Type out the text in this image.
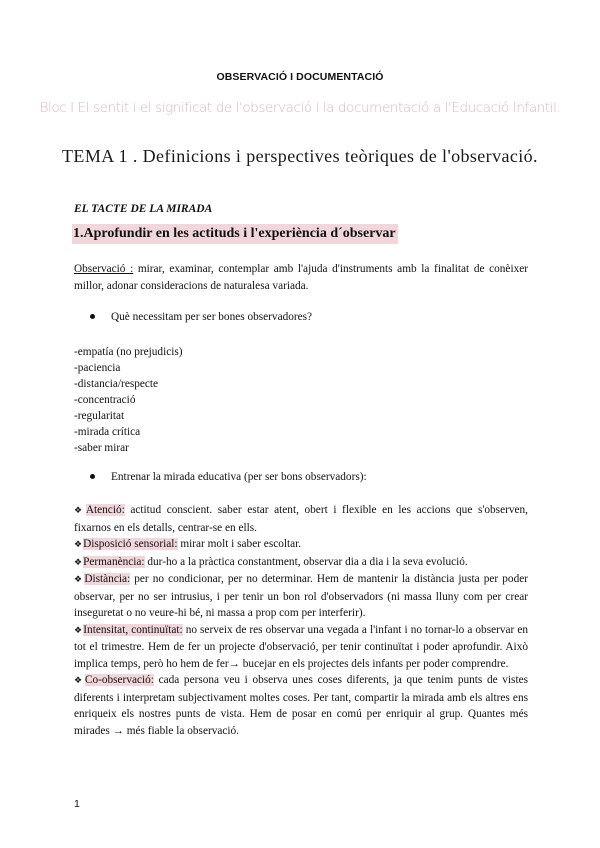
OBSERVACIÓ I DOCUMENTACIÓ
Bloc I El sentit i el significat de l'observació i la documentació a l'Educació Infantil.
TEMA 1 . Definicions i perspectives teòriques de l'observació.
EL TACTE DE LA MIRADA
1.Aprofundir en les actituds i l'experiència d´observar
Observació : mirar, examinar, contemplar amb l'ajuda d'instruments amb la finalitat de conèixer millor, adonar consideracions de naturalesa variada.
Què necessitam per ser bones observadores?
-empatía (no prejudicis)
-paciencia
-distancia/respecte
-concentració
-regularitat
-mirada crítica
-saber mirar
Entrenar la mirada educativa (per ser bons observadors):
❖Atenció: actitud conscient. saber estar atent, obert i flexible en les accions que s'observen, fixarnos en els detalls, centrar-se en ells.
❖Disposició sensorial: mirar molt i saber escoltar.
❖Permanència: dur-ho a la pràctica constantment, observar dia a dia i la seva evolució.
❖Distància: per no condicionar, per no determinar. Hem de mantenir la distància justa per poder observar, per no ser intrusius, i per tenir un bon rol d'observadors (ni massa lluny com per crear inseguretat o no veure-hi bé, ni massa a prop com per interferir).
❖Intensitat, continuïtat: no serveix de res observar una vegada a l'infant i no tornar-lo a observar en tot el trimestre. Hem de fer un projecte d'observació, per tenir continuïtat i poder aprofundir. Això implica temps, però ho hem de fer→ bucejar en els projectes dels infants per poder comprendre.
❖Co-observació: cada persona veu i observa unes coses diferents, ja que tenim punts de vistes diferents i interpretam subjectivament moltes coses. Per tant, compartir la mirada amb els altres ens enriqueix els nostres punts de vista. Hem de posar en comú per enriquir al grup. Quantes més mirades → més fiable la observació.
1
